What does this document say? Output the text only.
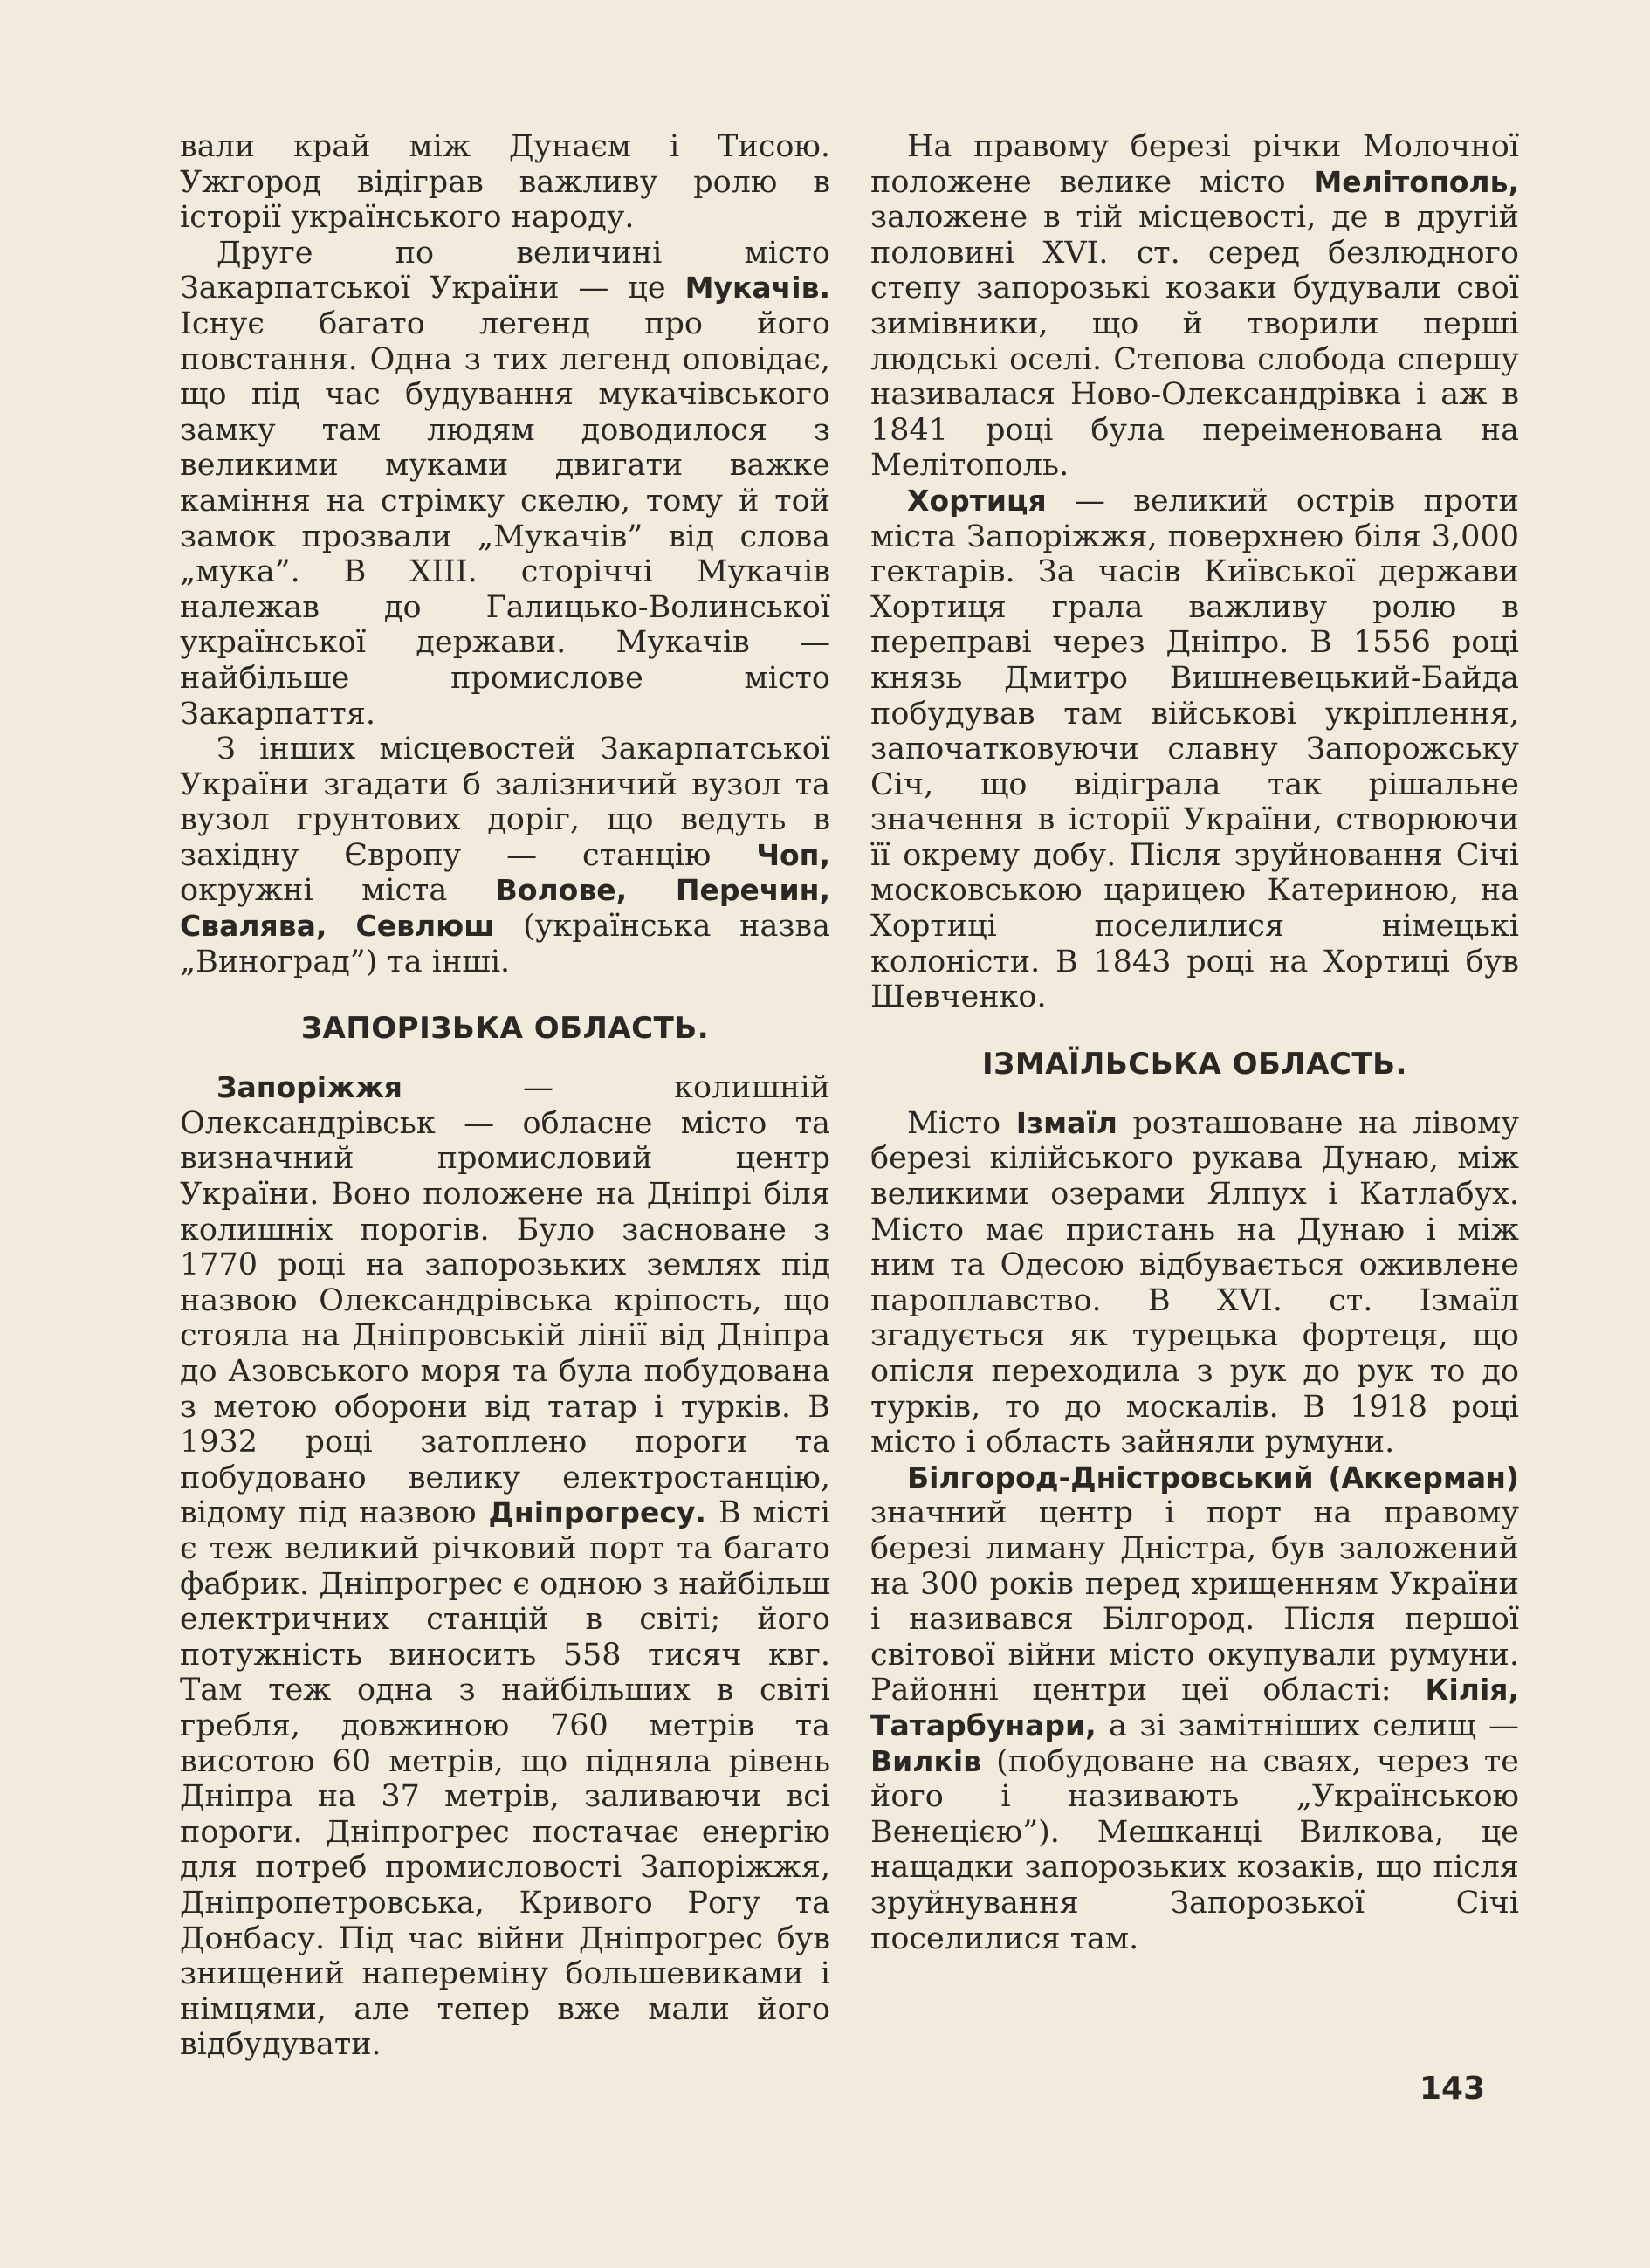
вали край між Дунаєм і Тисою. Ужгород відіграв важливу ролю в історії українського народу.

Друге по величині місто Закарпатської України — це Мукачів. Існує багато легенд про його повстання. Одна з тих легенд оповідає, що під час будування мукачівського замку там людям доводилося з великими муками двигати важке каміння на стрімку скелю, тому й той замок прозвали „Мукачів” від слова „мука”. В XIII. сторіччі Мукачів належав до Галицько-Волинської української держави. Мукачів — найбільше промислове місто Закарпаття.

З інших місцевостей Закарпатської України згадати б залізничий вузол та вузол грунтових доріг, що ведуть в західну Європу — станцію Чоп, окружні міста Волове, Перечин, Свалява, Севлюш (українська назва „Виноград”) та інші.

ЗАПОРІЗЬКА ОБЛАСТЬ.

Запоріжжя — колишній Олександрівськ — обласне місто та визначний промисловий центр України. Воно положене на Дніпрі біля колишніх порогів. Було засноване з 1770 році на запорозьких землях під назвою Олександрівська кріпость, що стояла на Дніпровській лінії від Дніпра до Азовського моря та була побудована з метою оборони від татар і турків. В 1932 році затоплено пороги та побудовано велику електростанцію, відому під назвою Дніпрогресу. В місті є теж великий річковий порт та багато фабрик. Дніпрогрес є одною з найбільш електричних станцій в світі; його потужність виносить 558 тисяч квг. Там теж одна з найбільших в світі гребля, довжиною 760 метрів та висотою 60 метрів, що підняла рівень Дніпра на 37 метрів, заливаючи всі пороги. Дніпрогрес постачає енергію для потреб промисловості Запоріжжя, Дніпропетровська, Кривого Рогу та Донбасу. Під час війни Дніпрогрес був знищений напереміну большевиками і німцями, але тепер вже мали його відбудувати.

На правому березі річки Молочної положене велике місто Мелітополь, заложене в тій місцевості, де в другій половині XVI. ст. серед безлюдного степу запорозькі козаки будували свої зимівники, що й творили перші людські оселі. Степова слобода спершу називалася Ново-Олександрівка і аж в 1841 році була переіменована на Мелітополь.

Хортиця — великий острів проти міста Запоріжжя, поверхнею біля 3,000 гектарів. За часів Київської держави Хортиця грала важливу ролю в переправі через Дніпро. В 1556 році князь Дмитро Вишневецький-Байда побудував там військові укріплення, започатковуючи славну Запорожську Січ, що відіграла так рішальне значення в історії України, створюючи її окрему добу. Після зруйновання Січі московською царицею Катериною, на Хортиці поселилися німецькі колоністи. В 1843 році на Хортиці був Шевченко.

ІЗМАЇЛЬСЬКА ОБЛАСТЬ.

Місто Ізмаїл розташоване на лівому березі кілійського рукава Дунаю, між великими озерами Ялпух і Катлабух. Місто має пристань на Дунаю і між ним та Одесою відбувається оживлене пароплавство. В XVI. ст. Ізмаїл згадується як турецька фортеця, що опісля переходила з рук до рук то до турків, то до москалів. В 1918 році місто і область зайняли румуни.

Білгород-Дністровський (Аккерман) значний центр і порт на правому березі лиману Дністра, був заложений на 300 років перед хрищенням України і називався Білгород. Після першої світової війни місто окупували румуни. Районні центри цеї області: Кілія, Татарбунари, а зі замітніших селищ — Вилків (побудоване на сваях, через те його і називають „Українською Венецією”). Мешканці Вилкова, це нащадки запорозьких козаків, що після зруйнування Запорозької Січі поселилися там.

143
